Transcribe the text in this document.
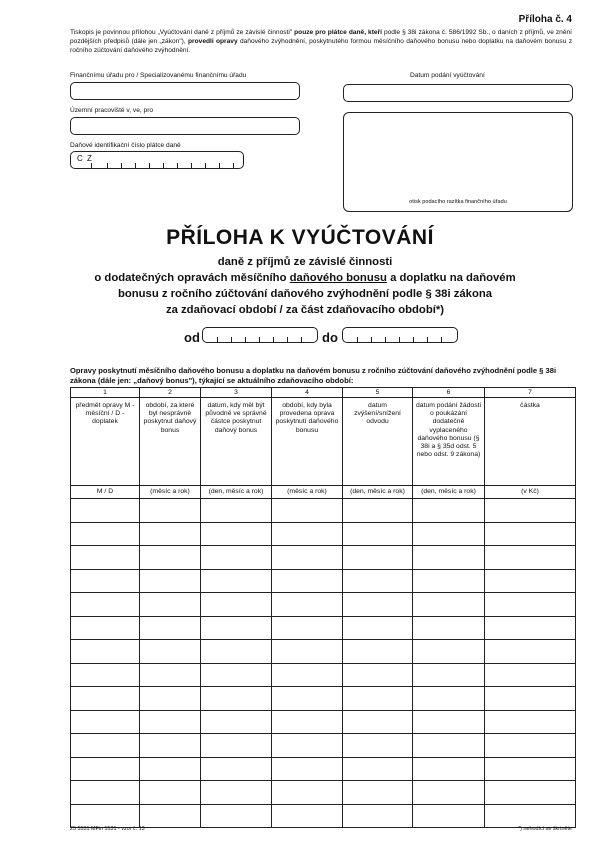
Příloha č. 4
Tiskopis je povinnou přílohou „Vyúčtování daně z příjmů ze závislé činnosti" pouze pro plátce daně, kteří podle § 38i zákona č. 586/1992 Sb., o daních z příjmů, ve znění pozdějších předpisů (dále jen „zákon"), provedli opravy daňového zvýhodnění, poskytnutého formou měsíčního daňového bonusu nebo doplatku na daňovém bonusu z ročního zúčtování daňového zvýhodnění.
Finančnímu úřadu pro / Specializovanému finančnímu úřadu
Územní pracoviště v, ve, pro
Daňové identifikační číslo plátce daně
C Z
Datum podání vyúčtování
otisk podacího razítka finančního úřadu
PŘÍLOHA K VYÚČTOVÁNÍ
daně z příjmů ze závislé činnosti
o dodatečných opravách měsíčního daňového bonusu a doplatku na daňovém
bonusu z ročního zúčtování daňového zvýhodnění podle § 38i zákona
za zdaňovací období / za část zdaňovacího období*)
od	do
Opravy poskytnutí měsíčního daňového bonusu a doplatku na daňovém bonusu z ročního zúčtování daňového zvýhodnění podle § 38i zákona (dále jen: „daňový bonus"), týkající se aktuálního zdaňovacího období:
1	2	3	4	5	6	7
předmět opravy M - měsíční / D - doplatek	období, za které byl nesprávně poskytnut daňový bonus	datum, kdy měl být původně ve správné částce poskytnut daňový bonus	období, kdy byla provedena oprava poskytnutí daňového bonusu	datum zvýšení/snížení odvodu	datum podání žádosti o poukázání dodatečně vyplaceného daňového bonusu (§ 38i a § 35d odst. 5 nebo odst. 9 zákona)	částka
M / D	(měsíc a rok)	(den, měsíc a rok)	(měsíc a rok)	(den, měsíc a rok)	(den, měsíc a rok)	(v Kč)

25 5531 MFin 5531 - vzor č. 13	*) nehodící se škrtněte
